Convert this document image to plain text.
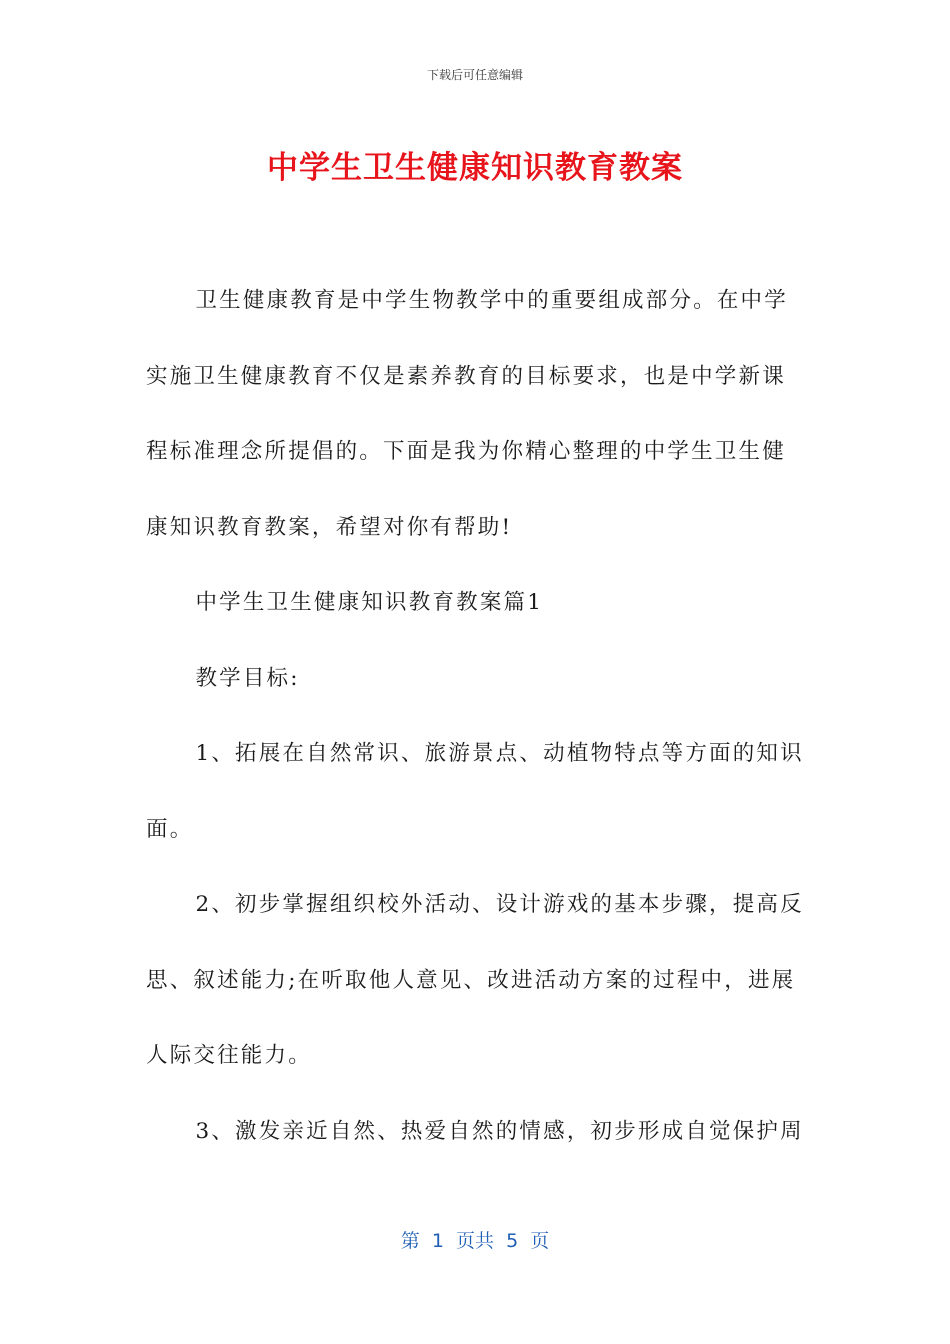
下载后可任意编辑
中学生卫生健康知识教育教案

卫生健康教育是中学生物教学中的重要组成部分。在中学实施卫生健康教育不仅是素养教育的目标要求，也是中学新课程标准理念所提倡的。下面是我为你精心整理的中学生卫生健康知识教育教案，希望对你有帮助!

中学生卫生健康知识教育教案篇1

教学目标:

1、拓展在自然常识、旅游景点、动植物特点等方面的知识面。

2、初步掌握组织校外活动、设计游戏的基本步骤，提高反思、叙述能力;在听取他人意见、改进活动方案的过程中，进展人际交往能力。

3、激发亲近自然、热爱自然的情感，初步形成自觉保护周

第  1  页共  5  页
